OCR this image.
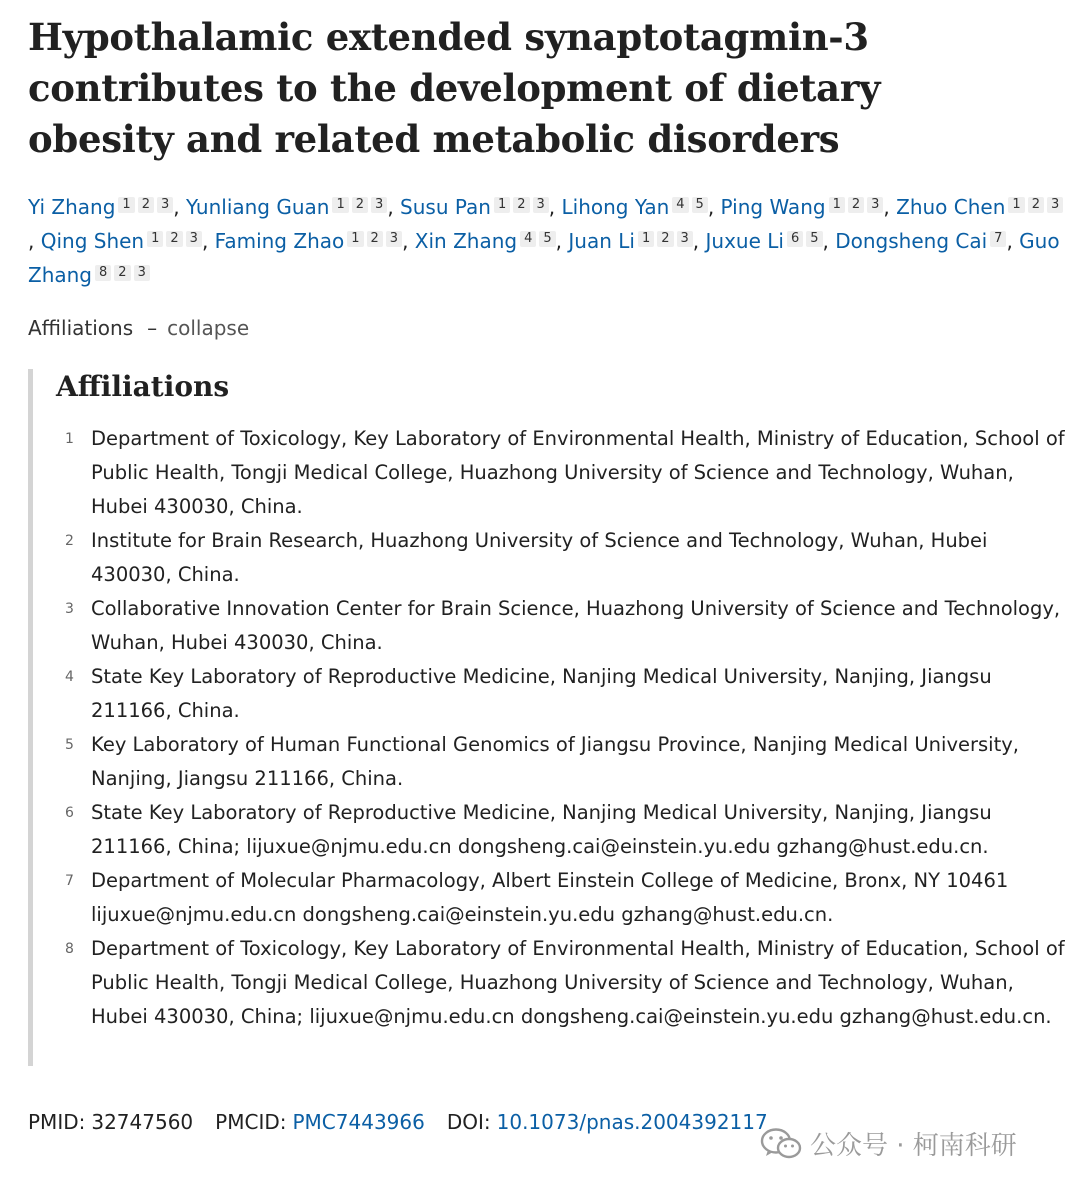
Hypothalamic extended synaptotagmin-3 contributes to the development of dietary obesity and related metabolic disorders
Yi Zhang 1 2 3 , Yunliang Guan 1 2 3 , Susu Pan 1 2 3 , Lihong Yan 4 5 , Ping Wang 1 2 3 , Zhuo Chen 1 2 3, Qing Shen 1 2 3 , Faming Zhao 1 2 3 , Xin Zhang 4 5 , Juan Li 1 2 3 , Juxue Li 6 5 , Dongsheng Cai 7 , Guo Zhang 8 2 3
Affiliations – collapse
Affiliations
1 Department of Toxicology, Key Laboratory of Environmental Health, Ministry of Education, School of Public Health, Tongji Medical College, Huazhong University of Science and Technology, Wuhan, Hubei 430030, China.
2 Institute for Brain Research, Huazhong University of Science and Technology, Wuhan, Hubei 430030, China.
3 Collaborative Innovation Center for Brain Science, Huazhong University of Science and Technology, Wuhan, Hubei 430030, China.
4 State Key Laboratory of Reproductive Medicine, Nanjing Medical University, Nanjing, Jiangsu 211166, China.
5 Key Laboratory of Human Functional Genomics of Jiangsu Province, Nanjing Medical University, Nanjing, Jiangsu 211166, China.
6 State Key Laboratory of Reproductive Medicine, Nanjing Medical University, Nanjing, Jiangsu 211166, China; lijuxue@njmu.edu.cn dongsheng.cai@einstein.yu.edu gzhang@hust.edu.cn.
7 Department of Molecular Pharmacology, Albert Einstein College of Medicine, Bronx, NY 10461 lijuxue@njmu.edu.cn dongsheng.cai@einstein.yu.edu gzhang@hust.edu.cn.
8 Department of Toxicology, Key Laboratory of Environmental Health, Ministry of Education, School of Public Health, Tongji Medical College, Huazhong University of Science and Technology, Wuhan, Hubei 430030, China; lijuxue@njmu.edu.cn dongsheng.cai@einstein.yu.edu gzhang@hust.edu.cn.
PMID: 32747560 PMCID: PMC7443966 DOI: 10.1073/pnas.2004392117
公众号 · 柯南科研
